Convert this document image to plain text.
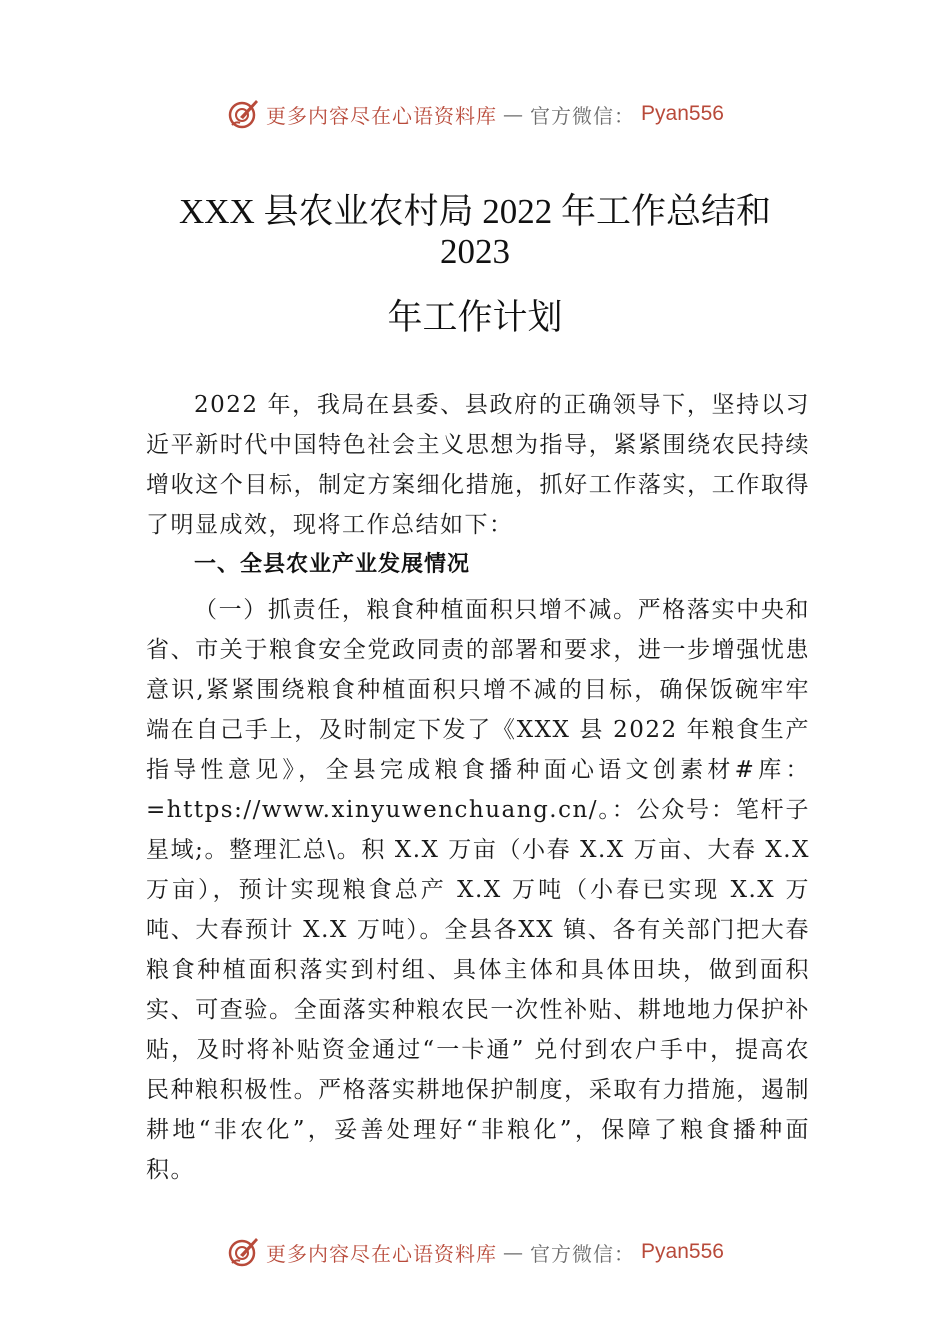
更多内容尽在心语资料库 — 官方微信： Pyan556
XXX 县农业农村局 2022 年工作总结和
2023
年工作计划
2022 年，我局在县委、县政府的正确领导下，坚持以习近平新时代中国特色社会主义思想为指导，紧紧围绕农民持续增收这个目标，制定方案细化措施，抓好工作落实，工作取得了明显成效，现将工作总结如下：
一、全县农业产业发展情况
（一）抓责任，粮食种植面积只增不减。严格落实中央和省、市关于粮食安全党政同责的部署和要求，进一步增强忧患意识,紧紧围绕粮食种植面积只增不减的目标，确保饭碗牢牢端在自己手上，及时制定下发了《XXX 县 2022 年粮食生产指导性意见》，全县完成粮食播种面心语文创素材#库：=https://www.xinyuwenchuang.cn/。：公众号：笔杆子星域;。整理汇总\。积 X.X 万亩（小春 X.X 万亩、大春 X.X 万亩），预计实现粮食总产 X.X 万吨（小春已实现 X.X 万吨、大春预计 X.X 万吨）。全县各XX 镇、各有关部门把大春粮食种植面积落实到村组、具体主体和具体田块，做到面积实、可查验。全面落实种粮农民一次性补贴、耕地地力保护补贴，及时将补贴资金通过“一卡通” 兑付到农户手中，提高农民种粮积极性。严格落实耕地保护制度，采取有力措施，遏制耕地“非农化”，妥善处理好“非粮化”，保障了粮食播种面积。
更多内容尽在心语资料库 — 官方微信： Pyan556
